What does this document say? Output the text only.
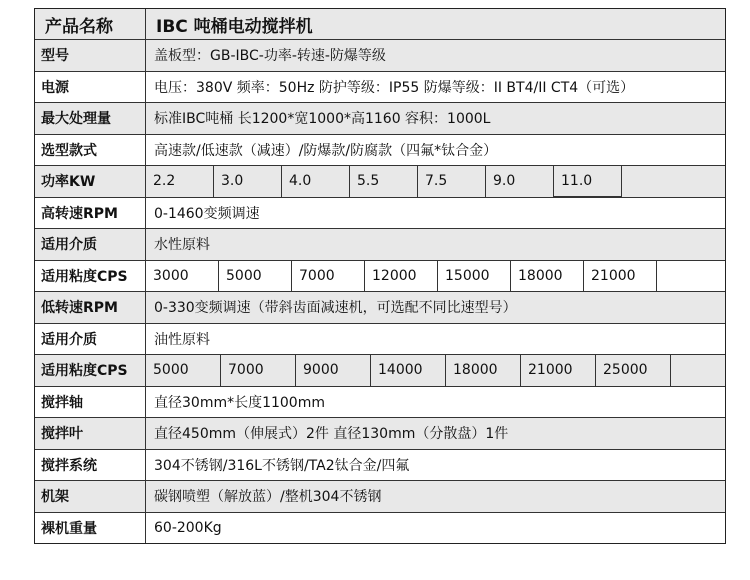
产品名称	IBC 吨桶电动搅拌机
型号	盖板型：GB-IBC-功率-转速-防爆等级
电源	电压：380V 频率：50Hz 防护等级：IP55 防爆等级：II BT4/II CT4（可选）
最大处理量	标准IBC吨桶 长1200*宽1000*高1160 容积：1000L
选型款式	高速款/低速款（减速）/防爆款/防腐款（四氟*钛合金）
功率KW	2.2	3.0	4.0	5.5	7.5	9.0	11.0
高转速RPM	0-1460变频调速
适用介质	水性原料
适用粘度CPS	3000	5000	7000	12000	15000	18000	21000
低转速RPM	0-330变频调速（带斜齿面减速机，可选配不同比速型号）
适用介质	油性原料
适用粘度CPS	5000	7000	9000	14000	18000	21000	25000
搅拌轴	直径30mm*长度1100mm
搅拌叶	直径450mm（伸展式）2件 直径130mm（分散盘）1件
搅拌系统	304不锈钢/316L不锈钢/TA2钛合金/四氟
机架	碳钢喷塑（解放蓝）/整机304不锈钢
裸机重量	60-200Kg
